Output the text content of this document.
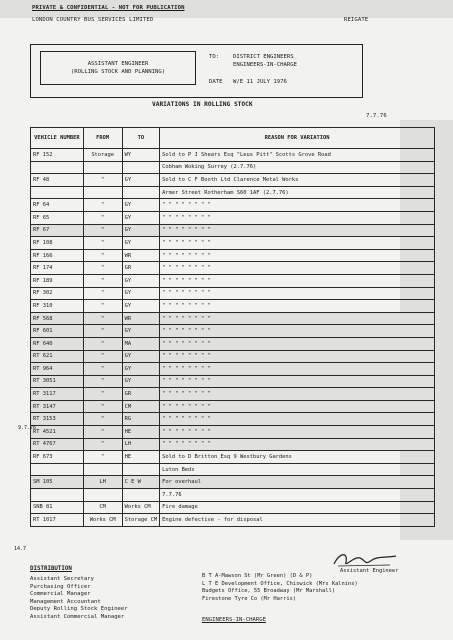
PRIVATE & CONFIDENTIAL - NOT FOR PUBLICATION
LONDON COUNTRY BUS SERVICES LIMITED	REIGATE
ASSISTANT ENGINEER
(ROLLING STOCK AND PLANNING)
TO: DISTRICT ENGINEERS
ENGINEERS-IN-CHARGE
DATE W/E 11 JULY 1976
VARIATIONS IN ROLLING STOCK
7.7.76
VEHICLE NUMBER	FROM	TO	REASON FOR VARIATION
RF 152	Storage	WY	Sold to P J Shears Esq "Leus Pitt" Scotts Grove Road
			Cobham Woking Surrey (2.7.76)
RF 48	"	GY	Sold to C F Booth Ltd Clarence Metal Works
			Armer Street Rotherham S60 1AF (2.7.76)
RF 64	"	GY	" " " " " " " "
RF 65	"	GY	" " " " " " " "
RF 67	"	GY	" " " " " " " "
RF 108	"	GY	" " " " " " " "
RF 166	"	WR	" " " " " " " "
RF 174	"	GR	" " " " " " " "
RF 189	"	GY	" " " " " " " "
RF 302	"	GY	" " " " " " " "
RF 310	"	GY	" " " " " " " "
RF 568	"	WR	" " " " " " " "
RF 601	"	GY	" " " " " " " "
RF 640	"	MA	" " " " " " " "
RT 621	"	GY	" " " " " " " "
RT 964	"	GY	" " " " " " " "
RT 3051	"	GY	" " " " " " " "
RT 3117	"	GR	" " " " " " " "
RT 3147	"	CM	" " " " " " " "
RT 3153	"	RG	" " " " " " " "
RT 4521	"	HE	" " " " " " " "
RT 4767	"	LH	" " " " " " " "
RF 673	"	HE	Sold to D Britton Esq 9 Westbury Gardens
			Luton Beds
SM 105	LH	C E W	For overhaul
			7.7.76
SNB 81	CM	Works CM	Fire damage
RT 1017	Works CM	Storage CM	Engine defective - for disposal
9.7.76
14.7
Assistant Engineer
DISTRIBUTION
Assistant Secretary
Purchasing Officer
Commercial Manager
Management Accountant
Deputy Rolling Stock Engineer
Assistant Commercial Manager
B T A-Mawson St (Mr Green) (D & P)
L T E Development Office, Chiswick (Mrs Kalnins)
Budgets Office, 55 Broadway (Mr Marshall)
Firestone Tyre Co (Mr Harris)
ENGINEERS-IN-CHARGE
